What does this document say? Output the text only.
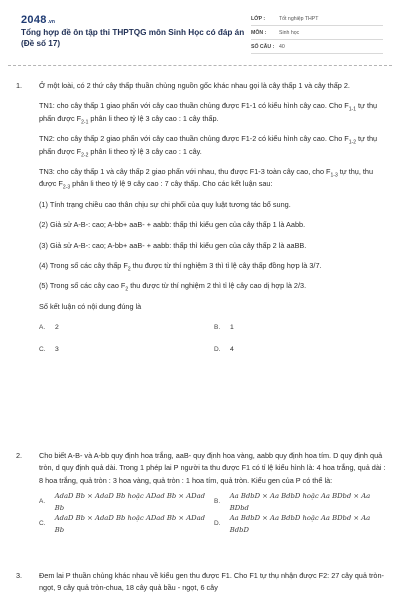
2048.vn
Tổng hợp đề ôn tập thi THPTQG môn Sinh Học có đáp án (Đề số 17)
LỚP :	Tốt nghiệp THPT
MÔN :	Sinh học
SỐ CÂU : 40
1.	Ở một loài, có 2 thứ cây thấp thuần chủng nguồn gốc khác nhau gọi là cây thấp 1 và cây thấp 2.

TN1: cho cây thấp 1 giao phấn với cây cao thuần chủng được F1-1 có kiểu hình cây cao. Cho $F_{1-1}$ tự thụ phấn được $F_{2-1}$ phân li theo tỷ lệ 3 cây cao : 1 cây thấp.

TN2: cho cây thấp 2 giao phấn với cây cao thuần chủng được F1-2 có kiểu hình cây cao. Cho $F_{1-2}$ tự thụ phấn được $F_{2-2}$ phân li theo tỷ lệ 3 cây cao : 1 cây.

TN3: cho cây thấp 1 và cây thấp 2 giao phấn với nhau, thu được F1-3 toàn cây cao, cho $F_{1-3}$ tự thụ, thu được $F_{2-3}$ phân li theo tỷ lệ 9 cây cao : 7 cây thấp. Cho các kết luận sau:

(1) Tính trạng chiều cao thân chịu sự chi phối của quy luật tương tác bổ sung.

(2) Giả sử A-B-: cao; A-bb+ aaB- + aabb: thấp thì kiểu gen của cây thấp 1 là Aabb.

(3) Giả sử A-B-: cao; A-bb+ aaB- + aabb: thấp thì kiểu gen của cây thấp 2 là aaBB.

(4) Trong số các cây thấp $F_2$ thu được từ thí nghiệm 3 thì tỉ lệ cây thấp đồng hợp là 3/7.

(5) Trong số các cây cao $F_2$ thu được từ thí nghiệm 2 thì tỉ lệ cây cao dị hợp là 2/3.

Số kết luận có nội dung đúng là

A.	2	B.	1
C.	3	D.	4
2.	Cho biết A-B- và A-bb quy định hoa trắng, aaB- quy định hoa vàng, aabb quy định hoa tím. D quy định quả tròn, d quy định quả dài. Trong 1 phép lai P người ta thu được F1 có tỉ lệ kiểu hình là: 4 hoa trắng, quả dài : 8 hoa trắng, quả tròn : 3 hoa vàng, quả tròn : 1 hoa tím, quả tròn. Kiểu gen của P có thể là:

A.
AdaD Bb × AdaD Bb hoặc ADad Bb × ADad Bb
B.
Aa BdbD × Aa BdbD hoặc Aa BDbd × Aa BDbd
C.
AdaD Bb × AdaD Bb hoặc ADad Bb × ADad Bb
D.
Aa BdbD × Aa BdbD hoặc Aa BDbd × Aa BdbD
3.	Đem lai P thuần chủng khác nhau về kiểu gen thu được F1. Cho F1 tự thụ nhận được F2: 27 cây quả tròn- ngọt, 9 cây quả tròn-chua, 18 cây quả bầu - ngọt, 6 cây
